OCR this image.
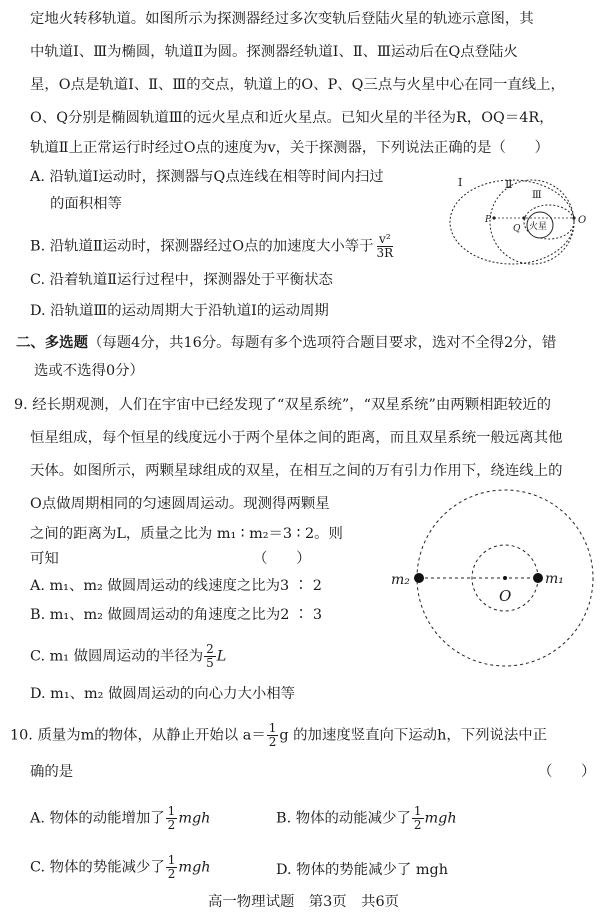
定地火转移轨道。如图所示为探测器经过多次变轨后登陆火星的轨迹示意图，其
中轨道Ⅰ、Ⅲ为椭圆，轨道Ⅱ为圆。探测器经轨道Ⅰ、Ⅱ、Ⅲ运动后在Q点登陆火
星，O点是轨道Ⅰ、Ⅱ、Ⅲ的交点，轨道上的O、P、Q三点与火星中心在同一直线上，
O、Q分别是椭圆轨道Ⅲ的远火星点和近火星点。已知火星的半径为R，OQ＝4R，
轨道Ⅱ上正常运行时经过O点的速度为v，关于探测器，下列说法正确的是（　　）
A. 沿轨道Ⅰ运动时，探测器与Q点连线在相等时间内扫过
的面积相等
B. 沿轨道Ⅱ运动时，探测器经过O点的加速度大小等于 $\frac{\text{v²}}{3R}$
C. 沿着轨道Ⅱ运行过程中，探测器处于平衡状态
D. 沿轨道Ⅲ的运动周期大于沿轨道Ⅰ的运动周期
Ⅰ	Ⅱ
Ⅲ
P
Q
O
火星
二、多选题（每题4分，共16分。每题有多个选项符合题目要求，选对不全得2分，错
选或不选得0分）
9. 经长期观测，人们在宇宙中已经发现了“双星系统”，“双星系统”由两颗相距较近的
恒星组成，每个恒星的线度远小于两个星体之间的距离，而且双星系统一般远离其他
天体。如图所示，两颗星球组成的双星，在相互之间的万有引力作用下，绕连线上的
O点做周期相同的匀速圆周运动。现测得两颗星
之间的距离为L，质量之比为 m₁ ∶ m₂＝3 ∶ 2。则
可知　　　　　　　　　　　　　　（　　）
A. m₁、m₂ 做圆周运动的线速度之比为3 ∶ 2
B. m₁、m₂ 做圆周运动的角速度之比为2 ∶ 3
C. m₁ 做圆周运动的半径为 $\frac{2}{5}$ L
D. m₁、m₂ 做圆周运动的向心力大小相等
m₂	m₁
O
10. 质量为m的物体，从静止开始以 $a= \frac{1}{2}$ g 的加速度竖直向下运动h，下列说法中正
确的是	（　　）
A. 物体的动能增加了 $\frac{1}{2}$ mgh	B. 物体的动能减少了 $\frac{1}{2}$ mgh
C. 物体的势能减少了 $\frac{1}{2}$ mgh	D. 物体的势能减少了 mgh
高一物理试题　第3页　共6页
